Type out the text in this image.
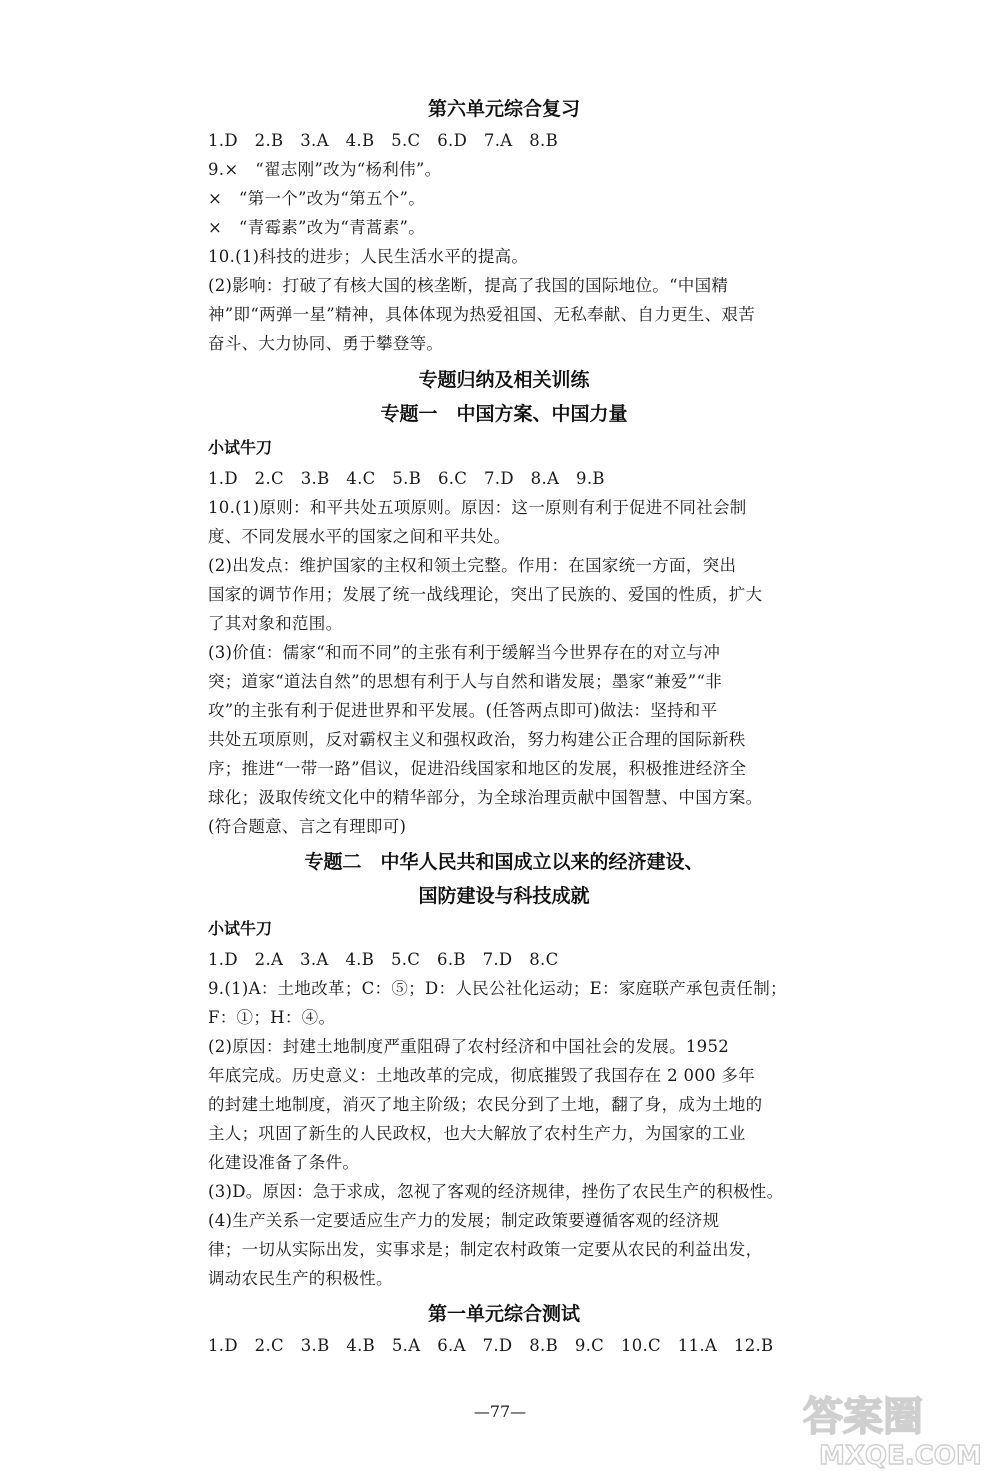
第六单元综合复习
1.D　2.B　3.A　4.B　5.C　6.D　7.A　8.B
9.×　“翟志刚”改为“杨利伟”。
×　“第一个”改为“第五个”。
×　“青霉素”改为“青蒿素”。
10.(1)科技的进步；人民生活水平的提高。
(2)影响：打破了有核大国的核垄断，提高了我国的国际地位。“中国精
神”即“两弹一星”精神，具体体现为热爱祖国、无私奉献、自力更生、艰苦
奋斗、大力协同、勇于攀登等。
专题归纳及相关训练
专题一　中国方案、中国力量
小试牛刀
1.D　2.C　3.B　4.C　5.B　6.C　7.D　8.A　9.B
10.(1)原则：和平共处五项原则。原因：这一原则有利于促进不同社会制
度、不同发展水平的国家之间和平共处。
(2)出发点：维护国家的主权和领土完整。作用：在国家统一方面，突出
国家的调节作用；发展了统一战线理论，突出了民族的、爱国的性质，扩大
了其对象和范围。
(3)价值：儒家“和而不同”的主张有利于缓解当今世界存在的对立与冲
突；道家“道法自然”的思想有利于人与自然和谐发展；墨家“兼爱”“非
攻”的主张有利于促进世界和平发展。(任答两点即可)做法：坚持和平
共处五项原则，反对霸权主义和强权政治，努力构建公正合理的国际新秩
序；推进“一带一路”倡议，促进沿线国家和地区的发展，积极推进经济全
球化；汲取传统文化中的精华部分，为全球治理贡献中国智慧、中国方案。
(符合题意、言之有理即可)
专题二　中华人民共和国成立以来的经济建设、
国防建设与科技成就
小试牛刀
1.D　2.A　3.A　4.B　5.C　6.B　7.D　8.C
9.(1)A：土地改革；C：⑤；D：人民公社化运动；E：家庭联产承包责任制；
F：①；H：④。
(2)原因：封建土地制度严重阻碍了农村经济和中国社会的发展。1952
年底完成。历史意义：土地改革的完成，彻底摧毁了我国存在 2 000 多年
的封建土地制度，消灭了地主阶级；农民分到了土地，翻了身，成为土地的
主人；巩固了新生的人民政权，也大大解放了农村生产力，为国家的工业
化建设准备了条件。
(3)D。原因：急于求成，忽视了客观的经济规律，挫伤了农民生产的积极性。
(4)生产关系一定要适应生产力的发展；制定政策要遵循客观的经济规
律；一切从实际出发，实事求是；制定农村政策一定要从农民的利益出发，
调动农民生产的积极性。
第一单元综合测试
1.D　2.C　3.B　4.B　5.A　6.A　7.D　8.B　9.C　10.C　11.A　12.B
—77—	答案圈
MXQE.COM
